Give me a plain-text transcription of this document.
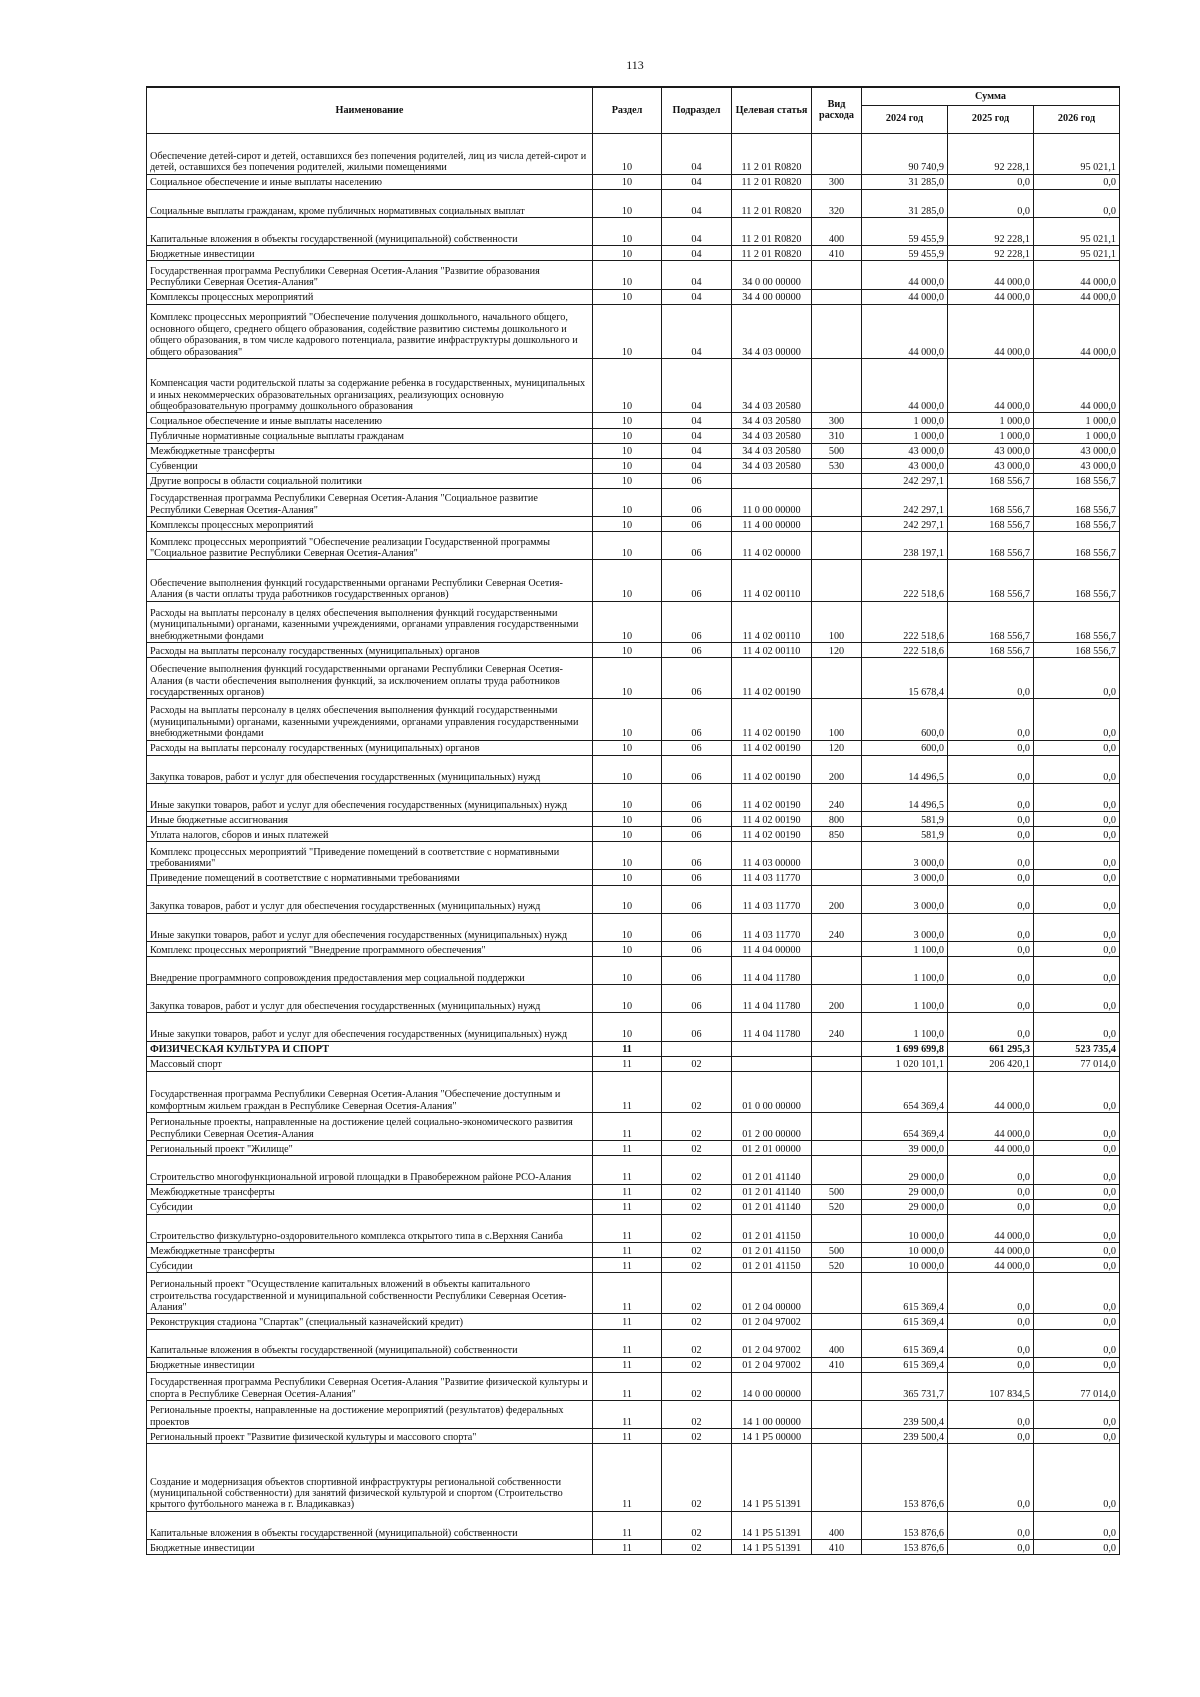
113
Наименование	Раздел	Подраздел	Целевая статья	Вид расхода	Сумма		
					2024 год	2025 год	2026 год
Обеспечение детей-сирот и детей, оставшихся без попечения родителей, лиц из числа детей-сирот и детей, оставшихся без попечения родителей, жилыми помещениями	10	04	11 2 01 R0820		90 740,9	92 228,1	95 021,1
Социальное обеспечение и иные выплаты населению	10	04	11 2 01 R0820	300	31 285,0	0,0	0,0
Социальные выплаты гражданам, кроме публичных нормативных социальных выплат	10	04	11 2 01 R0820	320	31 285,0	0,0	0,0
Капитальные вложения в объекты государственной (муниципальной) собственности	10	04	11 2 01 R0820	400	59 455,9	92 228,1	95 021,1
Бюджетные инвестиции	10	04	11 2 01 R0820	410	59 455,9	92 228,1	95 021,1
Государственная программа Республики Северная Осетия-Алания "Развитие образования Республики Северная Осетия-Алания"	10	04	34 0 00 00000		44 000,0	44 000,0	44 000,0
Комплексы процессных мероприятий	10	04	34 4 00 00000		44 000,0	44 000,0	44 000,0
Комплекс процессных мероприятий "Обеспечение получения дошкольного, начального общего, основного общего, среднего общего образования, содействие развитию системы дошкольного и общего образования, в том числе кадрового потенциала, развитие инфраструктуры дошкольного и общего образования"	10	04	34 4 03 00000		44 000,0	44 000,0	44 000,0
Компенсация части родительской платы за содержание ребенка в государственных, муниципальных и иных некоммерческих образовательных организациях, реализующих основную общеобразовательную программу дошкольного образования	10	04	34 4 03 20580		44 000,0	44 000,0	44 000,0
Социальное обеспечение и иные выплаты населению	10	04	34 4 03 20580	300	1 000,0	1 000,0	1 000,0
Публичные нормативные социальные выплаты гражданам	10	04	34 4 03 20580	310	1 000,0	1 000,0	1 000,0
Межбюджетные трансферты	10	04	34 4 03 20580	500	43 000,0	43 000,0	43 000,0
Субвенции	10	04	34 4 03 20580	530	43 000,0	43 000,0	43 000,0
Другие вопросы в области социальной политики	10	06			242 297,1	168 556,7	168 556,7
Государственная программа Республики Северная Осетия-Алания "Социальное развитие Республики Северная Осетия-Алания"	10	06	11 0 00 00000		242 297,1	168 556,7	168 556,7
Комплексы процессных мероприятий	10	06	11 4 00 00000		242 297,1	168 556,7	168 556,7
Комплекс процессных мероприятий "Обеспечение реализации Государственной программы "Социальное развитие Республики Северная Осетия-Алания"	10	06	11 4 02 00000		238 197,1	168 556,7	168 556,7
Обеспечение выполнения функций государственными органами Республики Северная Осетия-Алания (в части оплаты труда работников государственных органов)	10	06	11 4 02 00110		222 518,6	168 556,7	168 556,7
Расходы на выплаты персоналу в целях обеспечения выполнения функций государственными (муниципальными) органами, казенными учреждениями, органами управления государственными внебюджетными фондами	10	06	11 4 02 00110	100	222 518,6	168 556,7	168 556,7
Расходы на выплаты персоналу государственных (муниципальных) органов	10	06	11 4 02 00110	120	222 518,6	168 556,7	168 556,7
Обеспечение выполнения функций государственными органами Республики Северная Осетия-Алания (в части обеспечения выполнения функций, за исключением оплаты труда работников государственных органов)	10	06	11 4 02 00190		15 678,4	0,0	0,0
Расходы на выплаты персоналу в целях обеспечения выполнения функций государственными (муниципальными) органами, казенными учреждениями, органами управления государственными внебюджетными фондами	10	06	11 4 02 00190	100	600,0	0,0	0,0
Расходы на выплаты персоналу государственных (муниципальных) органов	10	06	11 4 02 00190	120	600,0	0,0	0,0
Закупка товаров, работ и услуг для обеспечения государственных (муниципальных) нужд	10	06	11 4 02 00190	200	14 496,5	0,0	0,0
Иные закупки товаров, работ и услуг для обеспечения государственных (муниципальных) нужд	10	06	11 4 02 00190	240	14 496,5	0,0	0,0
Иные бюджетные ассигнования	10	06	11 4 02 00190	800	581,9	0,0	0,0
Уплата налогов, сборов и иных платежей	10	06	11 4 02 00190	850	581,9	0,0	0,0
Комплекс процессных мероприятий "Приведение помещений в соответствие с нормативными требованиями"	10	06	11 4 03 00000		3 000,0	0,0	0,0
Приведение помещений в соответствие с нормативными требованиями	10	06	11 4 03 11770		3 000,0	0,0	0,0
Закупка товаров, работ и услуг для обеспечения государственных (муниципальных) нужд	10	06	11 4 03 11770	200	3 000,0	0,0	0,0
Иные закупки товаров, работ и услуг для обеспечения государственных (муниципальных) нужд	10	06	11 4 03 11770	240	3 000,0	0,0	0,0
Комплекс процессных мероприятий "Внедрение программного обеспечения"	10	06	11 4 04 00000		1 100,0	0,0	0,0
Внедрение программного сопровождения предоставления мер социальной поддержки	10	06	11 4 04 11780		1 100,0	0,0	0,0
Закупка товаров, работ и услуг для обеспечения государственных (муниципальных) нужд	10	06	11 4 04 11780	200	1 100,0	0,0	0,0
Иные закупки товаров, работ и услуг для обеспечения государственных (муниципальных) нужд	10	06	11 4 04 11780	240	1 100,0	0,0	0,0
ФИЗИЧЕСКАЯ КУЛЬТУРА И СПОРТ	11				1 699 699,8	661 295,3	523 735,4
Массовый спорт	11	02			1 020 101,1	206 420,1	77 014,0
Государственная программа Республики Северная Осетия-Алания "Обеспечение доступным и комфортным жильем граждан в Республике Северная Осетия-Алания"	11	02	01 0 00 00000		654 369,4	44 000,0	0,0
Региональные проекты, направленные на достижение целей социально-экономического развития Республики Северная Осетия-Алания	11	02	01 2 00 00000		654 369,4	44 000,0	0,0
Региональный проект "Жилище"	11	02	01 2 01 00000		39 000,0	44 000,0	0,0
Строительство многофункциональной игровой площадки в Правобережном районе РСО-Алания	11	02	01 2 01 41140		29 000,0	0,0	0,0
Межбюджетные трансферты	11	02	01 2 01 41140	500	29 000,0	0,0	0,0
Субсидии	11	02	01 2 01 41140	520	29 000,0	0,0	0,0
Строительство физкультурно-оздоровительного комплекса открытого типа в с.Верхняя Саниба	11	02	01 2 01 41150		10 000,0	44 000,0	0,0
Межбюджетные трансферты	11	02	01 2 01 41150	500	10 000,0	44 000,0	0,0
Субсидии	11	02	01 2 01 41150	520	10 000,0	44 000,0	0,0
Региональный проект "Осуществление капитальных вложений в объекты капитального строительства государственной и муниципальной собственности Республики Северная Осетия-Алания"	11	02	01 2 04 00000		615 369,4	0,0	0,0
Реконструкция стадиона "Спартак" (специальный казначейский кредит)	11	02	01 2 04 97002		615 369,4	0,0	0,0
Капитальные вложения в объекты государственной (муниципальной) собственности	11	02	01 2 04 97002	400	615 369,4	0,0	0,0
Бюджетные инвестиции	11	02	01 2 04 97002	410	615 369,4	0,0	0,0
Государственная программа Республики Северная Осетия-Алания "Развитие физической культуры и спорта в Республике Северная Осетия-Алания"	11	02	14 0 00 00000		365 731,7	107 834,5	77 014,0
Региональные проекты, направленные на достижение мероприятий (результатов) федеральных проектов	11	02	14 1 00 00000		239 500,4	0,0	0,0
Региональный проект "Развитие физической культуры и массового спорта"	11	02	14 1 P5 00000		239 500,4	0,0	0,0
Создание и модернизация объектов спортивной инфраструктуры региональной собственности (муниципальной собственности) для занятий физической культурой и спортом (Строительство крытого футбольного манежа в г. Владикавказ)	11	02	14 1 P5 51391		153 876,6	0,0	0,0
Капитальные вложения в объекты государственной (муниципальной) собственности	11	02	14 1 P5 51391	400	153 876,6	0,0	0,0
Бюджетные инвестиции	11	02	14 1 P5 51391	410	153 876,6	0,0	0,0
